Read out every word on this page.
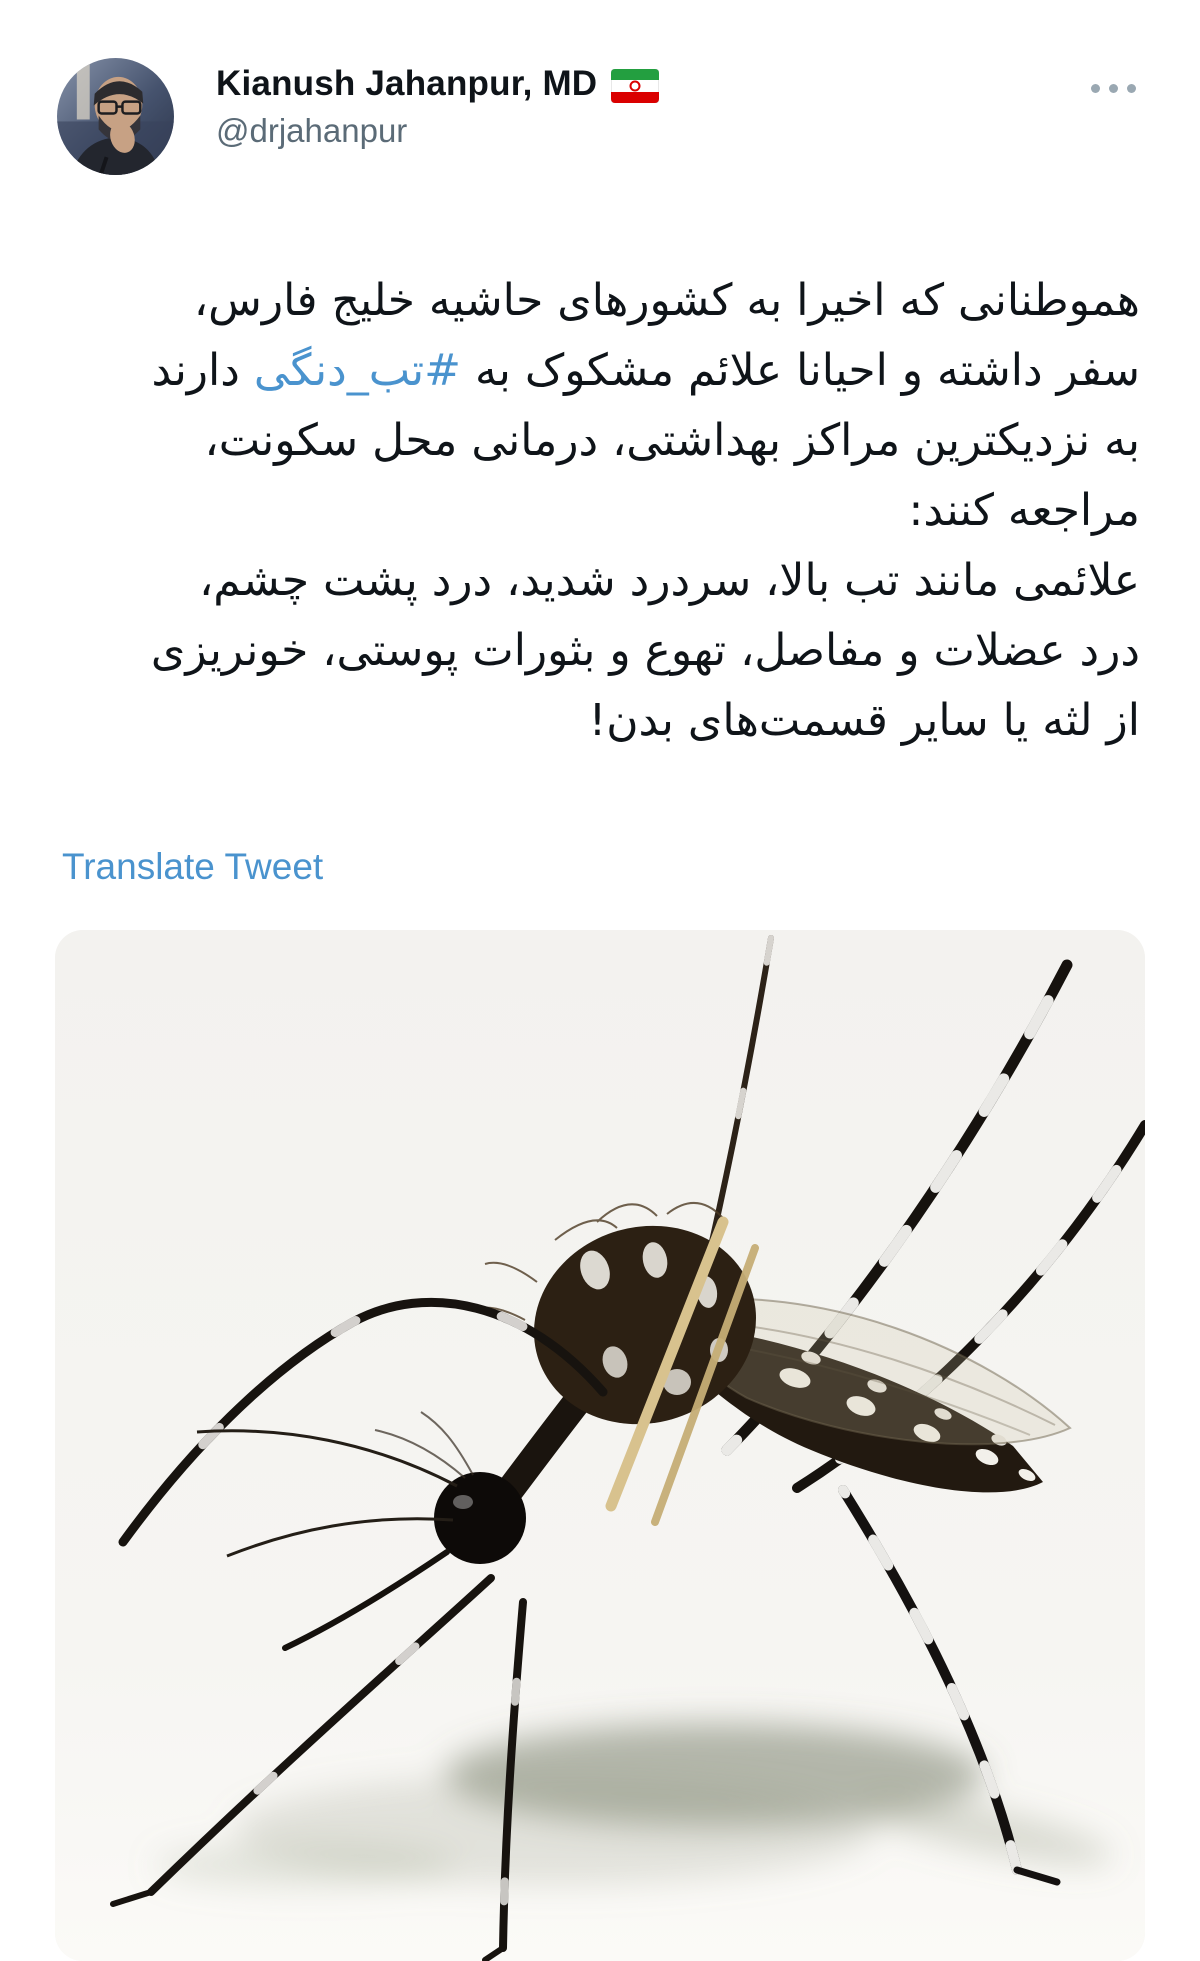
Kianush Jahanpur, MD
@drjahanpur
هموطنانی که اخیرا به کشورهای حاشیه خلیج فارس،
سفر داشته و احیانا علائم مشکوک به #تب_دنگی دارند
به نزدیکترین مراکز بهداشتی، درمانی محل سکونت،
مراجعه کنند:
علائمی مانند تب بالا، سردرد شدید، درد پشت چشم،
درد عضلات و مفاصل، تهوع و بثورات پوستی، خونریزی
از لثه یا سایر قسمت‌های بدن!
Translate Tweet
